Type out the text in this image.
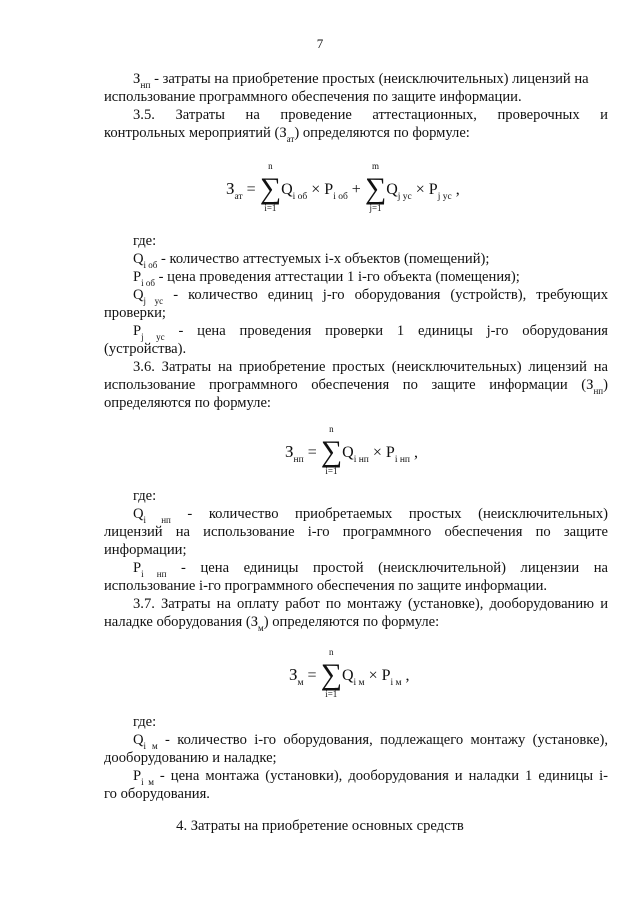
7
$З_{нп}$ - затраты на приобретение простых (неисключительных) лицензий на
использование программного обеспечения по защите информации.
3.5. Затраты на проведение аттестационных, проверочных и
контрольных мероприятий $(З_{ат})$ определяются по формуле:
$З_{ат}$ =
n
∑
i=1
$Q_{i об} \times P_{i об}$ +
m
∑
j=1
$Q_{j ус} \times P_{j ус}$ ,
где:
$Q_{i об}$ - количество аттестуемых i-х объектов (помещений);
$P_{i об}$ - цена проведения аттестации 1 i-го объекта (помещения);
$Q_{j ус}$ - количество единиц j-го оборудования (устройств), требующих
проверки;
$P_{j ус}$ - цена проведения проверки 1 единицы j-го оборудования
(устройства).
3.6. Затраты на приобретение простых (неисключительных) лицензий на
использование программного обеспечения по защите информации $(З_{нп})$
определяются по формуле:
$З_{нп}$ =
n
∑
i=1
$Q_{i нп} \times P_{i нп}$ ,
где:
$Q_{i нп}$ - количество приобретаемых простых (неисключительных)
лицензий на использование i-го программного обеспечения по защите
информации;
$P_{i нп}$ - цена единицы простой (неисключительной) лицензии на
использование i-го программного обеспечения по защите информации.
3.7. Затраты на оплату работ по монтажу (установке), дооборудованию и
наладке оборудования $(З_м)$ определяются по формуле:
$З_м$ =
n
∑
i=1
$Q_{i м} \times P_{i м}$ ,
где:
$Q_{i м}$ - количество i-го оборудования, подлежащего монтажу (установке),
дооборудованию и наладке;
$P_{i м}$ - цена монтажа (установки), дооборудования и наладки 1 единицы i-
го оборудования.
4. Затраты на приобретение основных средств
